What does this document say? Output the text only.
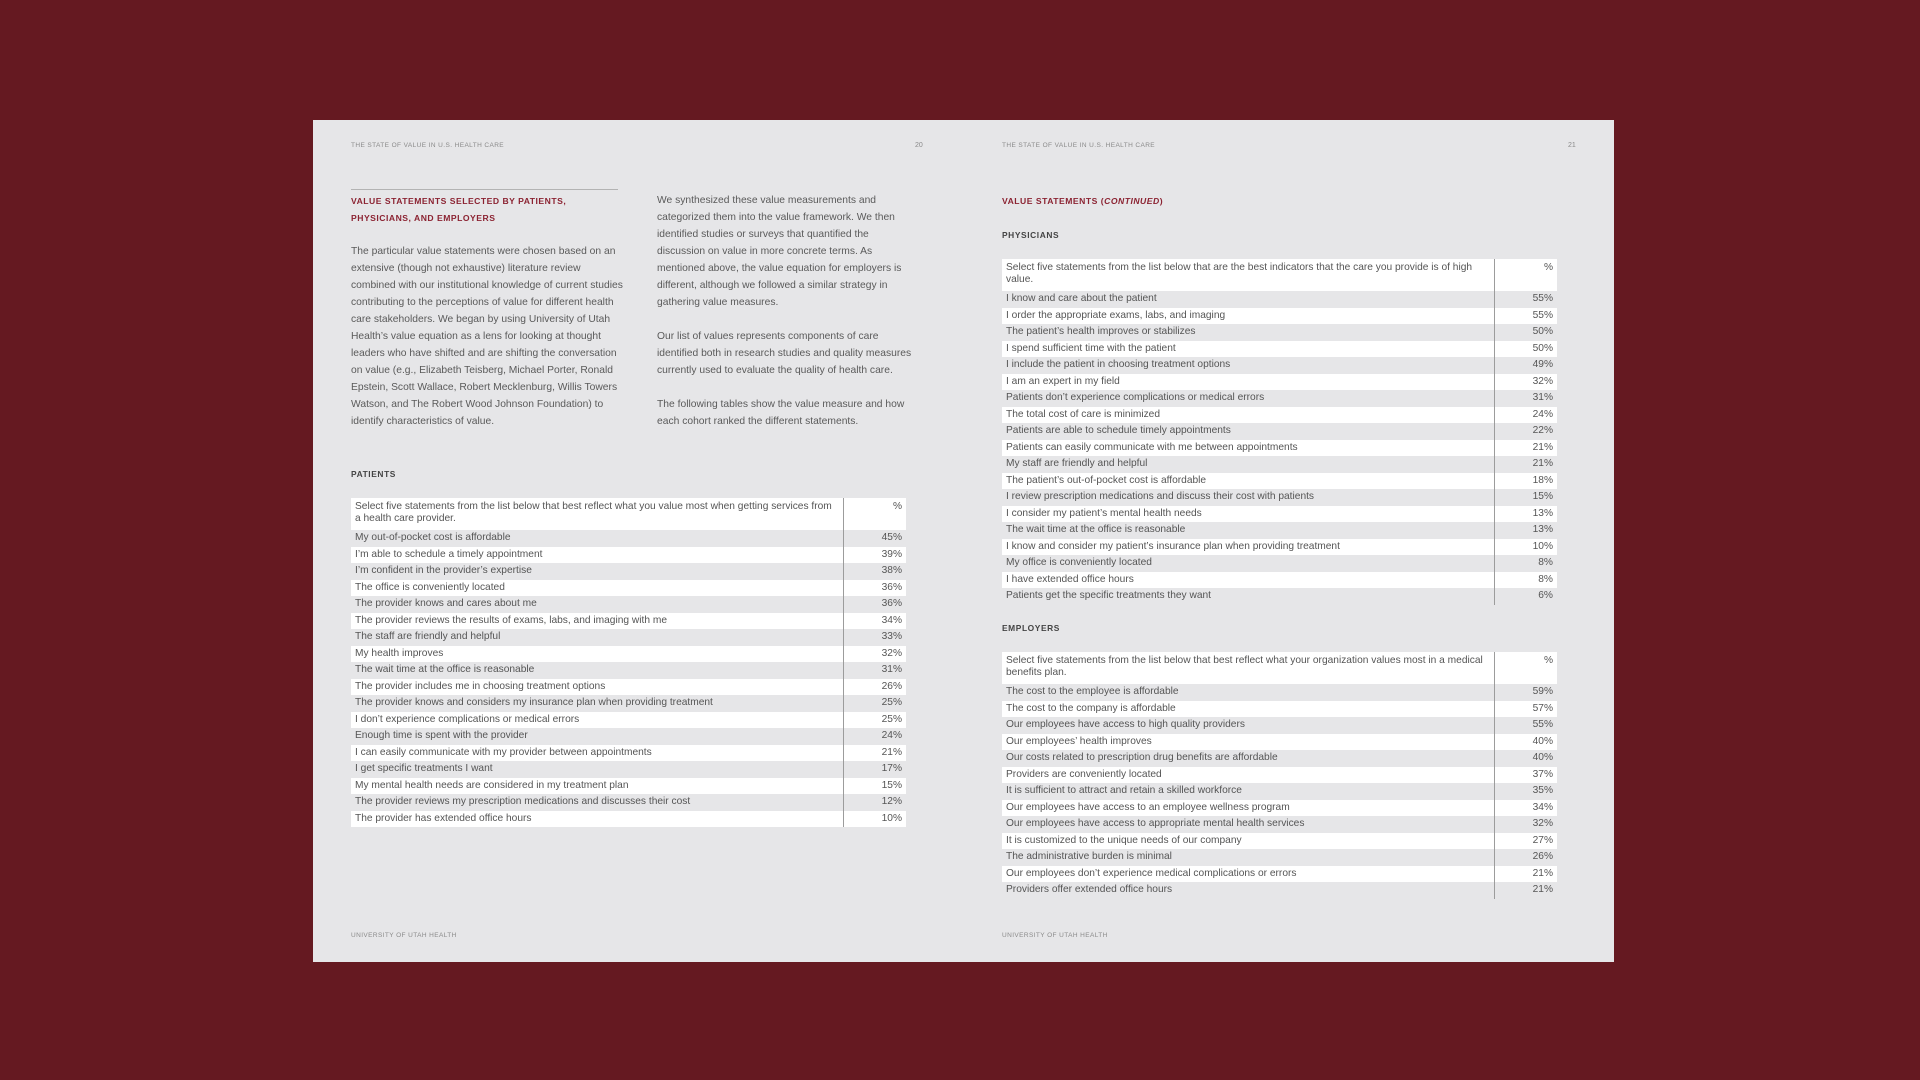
THE STATE OF VALUE IN U.S. HEALTH CARE	20
VALUE STATEMENTS SELECTED BY PATIENTS,
PHYSICIANS, AND EMPLOYERS

The particular value statements were chosen based on an extensive (though not exhaustive) literature review combined with our institutional knowledge of current studies contributing to the perceptions of value for different health care stakeholders. We began by using University of Utah Health’s value equation as a lens for looking at thought leaders who have shifted and are shifting the conversation on value (e.g., Elizabeth Teisberg, Michael Porter, Ronald Epstein, Scott Wallace, Robert Mecklenburg, Willis Towers Watson, and The Robert Wood Johnson Foundation) to identify characteristics of value.

We synthesized these value measurements and categorized them into the value framework. We then identified studies or surveys that quantified the discussion on value in more concrete terms. As mentioned above, the value equation for employers is different, although we followed a similar strategy in gathering value measures.

Our list of values represents components of care identified both in research studies and quality measures currently used to evaluate the quality of health care.

The following tables show the value measure and how each cohort ranked the different statements.

PATIENTS
Select five statements from the list below that best reflect what you value most when getting services from a health care provider.	%
My out-of-pocket cost is affordable	45%
I’m able to schedule a timely appointment	39%
I’m confident in the provider’s expertise	38%
The office is conveniently located	36%
The provider knows and cares about me	36%
The provider reviews the results of exams, labs, and imaging with me	34%
The staff are friendly and helpful	33%
My health improves	32%
The wait time at the office is reasonable	31%
The provider includes me in choosing treatment options	26%
The provider knows and considers my insurance plan when providing treatment	25%
I don’t experience complications or medical errors	25%
Enough time is spent with the provider	24%
I can easily communicate with my provider between appointments	21%
I get specific treatments I want	17%
My mental health needs are considered in my treatment plan	15%
The provider reviews my prescription medications and discusses their cost	12%
The provider has extended office hours	10%
UNIVERSITY OF UTAH HEALTH
THE STATE OF VALUE IN U.S. HEALTH CARE	21
VALUE STATEMENTS (CONTINUED)
PHYSICIANS
Select five statements from the list below that are the best indicators that the care you provide is of high value.	%
I know and care about the patient	55%
I order the appropriate exams, labs, and imaging	55%
The patient’s health improves or stabilizes	50%
I spend sufficient time with the patient	50%
I include the patient in choosing treatment options	49%
I am an expert in my field	32%
Patients don’t experience complications or medical errors	31%
The total cost of care is minimized	24%
Patients are able to schedule timely appointments	22%
Patients can easily communicate with me between appointments	21%
My staff are friendly and helpful	21%
The patient’s out-of-pocket cost is affordable	18%
I review prescription medications and discuss their cost with patients	15%
I consider my patient’s mental health needs	13%
The wait time at the office is reasonable	13%
I know and consider my patient’s insurance plan when providing treatment	10%
My office is conveniently located	8%
I have extended office hours	8%
Patients get the specific treatments they want	6%
EMPLOYERS
Select five statements from the list below that best reflect what your organization values most in a medical benefits plan.	%
The cost to the employee is affordable	59%
The cost to the company is affordable	57%
Our employees have access to high quality providers	55%
Our employees’ health improves	40%
Our costs related to prescription drug benefits are affordable	40%
Providers are conveniently located	37%
It is sufficient to attract and retain a skilled workforce	35%
Our employees have access to an employee wellness program	34%
Our employees have access to appropriate mental health services	32%
It is customized to the unique needs of our company	27%
The administrative burden is minimal	26%
Our employees don’t experience medical complications or errors	21%
Providers offer extended office hours	21%
UNIVERSITY OF UTAH HEALTH
